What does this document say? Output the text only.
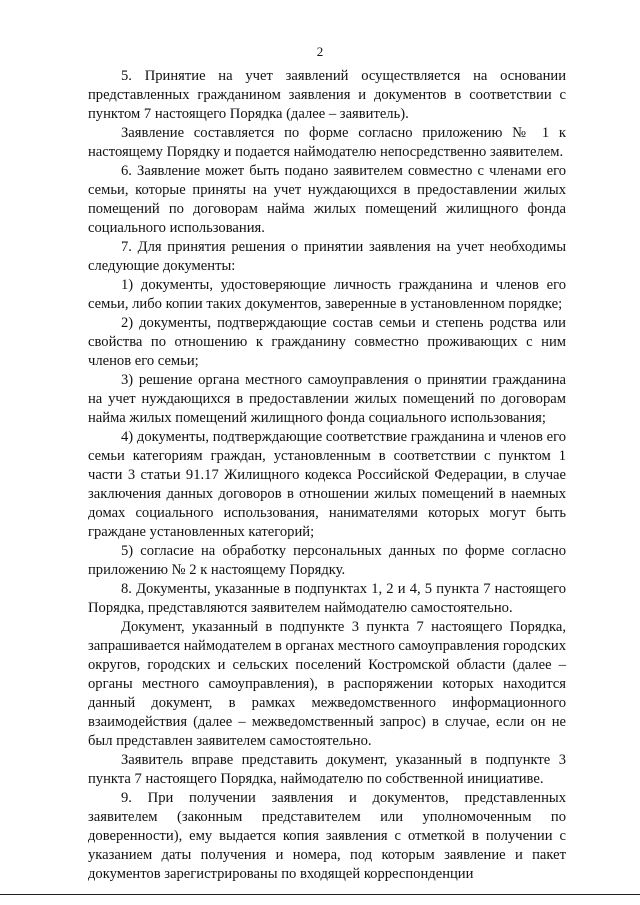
2

5. Принятие на учет заявлений осуществляется на основании представленных гражданином заявления и документов в соответствии с пунктом 7 настоящего Порядка (далее – заявитель).

Заявление составляется по форме согласно приложению № 1 к настоящему Порядку и подается наймодателю непосредственно заявителем.

6. Заявление может быть подано заявителем совместно с членами его семьи, которые приняты на учет нуждающихся в предоставлении жилых помещений по договорам найма жилых помещений жилищного фонда социального использования.

7. Для принятия решения о принятии заявления на учет необходимы следующие документы:

1) документы, удостоверяющие личность гражданина и членов его семьи, либо копии таких документов, заверенные в установленном порядке;

2) документы, подтверждающие состав семьи и степень родства или свойства по отношению к гражданину совместно проживающих с ним членов его семьи;

3) решение органа местного самоуправления о принятии гражданина на учет нуждающихся в предоставлении жилых помещений по договорам найма жилых помещений жилищного фонда социального использования;

4) документы, подтверждающие соответствие гражданина и членов его семьи категориям граждан, установленным в соответствии с пунктом 1 части 3 статьи 91.17 Жилищного кодекса Российской Федерации, в случае заключения данных договоров в отношении жилых помещений в наемных домах социального использования, нанимателями которых могут быть граждане установленных категорий;

5) согласие на обработку персональных данных по форме согласно приложению № 2 к настоящему Порядку.

8. Документы, указанные в подпунктах 1, 2 и 4, 5 пункта 7 настоящего Порядка, представляются заявителем наймодателю самостоятельно.

Документ, указанный в подпункте 3 пункта 7 настоящего Порядка, запрашивается наймодателем в органах местного самоуправления городских округов, городских и сельских поселений Костромской области (далее – органы местного самоуправления), в распоряжении которых находится данный документ, в рамках межведомственного информационного взаимодействия (далее – межведомственный запрос) в случае, если он не был представлен заявителем самостоятельно.

Заявитель вправе представить документ, указанный в подпункте 3 пункта 7 настоящего Порядка, наймодателю по собственной инициативе.

9. При получении заявления и документов, представленных заявителем (законным представителем или уполномоченным по доверенности), ему выдается копия заявления с отметкой в получении с указанием даты получения и номера, под которым заявление и пакет документов зарегистрированы по входящей корреспонденции
